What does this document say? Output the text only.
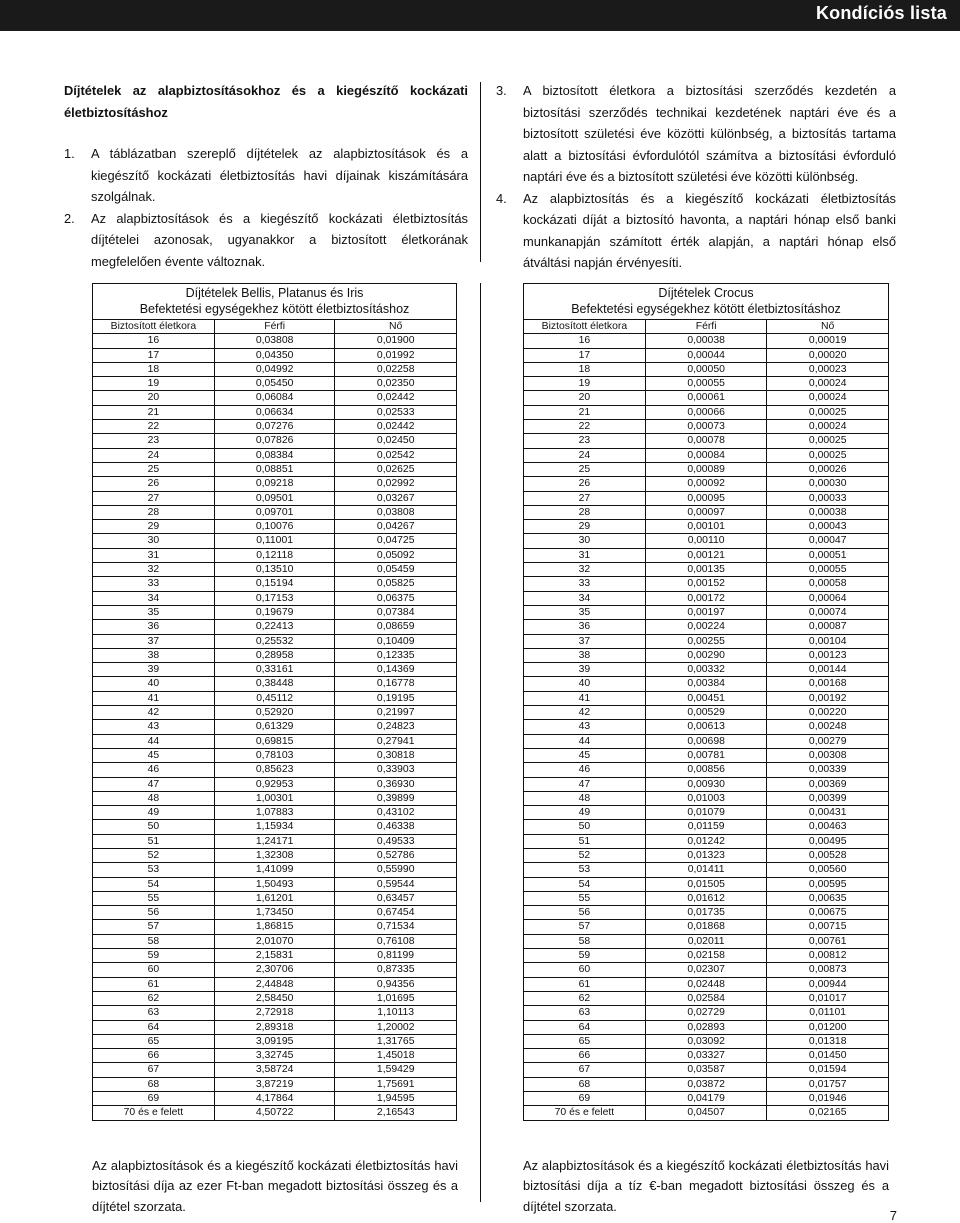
Kondíciós lista

Díjtételek az alapbiztosításokhoz és a kiegészítő kockázati életbiztosításhoz

1. A táblázatban szereplő díjtételek az alapbiztosítások és a kiegészítő kockázati életbiztosítás havi díjainak kiszámítására szolgálnak.
2. Az alapbiztosítások és a kiegészítő kockázati életbiztosítás díjtételei azonosak, ugyanakkor a biztosított életkorának megfelelően évente változnak.
3. A biztosított életkora a biztosítási szerződés kezdetén a biztosítási szerződés technikai kezdetének naptári éve és a biztosított születési éve közötti különbség, a biztosítás tartama alatt a biztosítási évfordulótól számítva a biztosítási évforduló naptári éve és a biztosított születési éve közötti különbség.
4. Az alapbiztosítás és a kiegészítő kockázati életbiztosítás kockázati díját a biztosító havonta, a naptári hónap első banki munkanapján számított érték alapján, a naptári hónap első átváltási napján érvényesíti.
Díjtételek Bellis, Platanus és Iris
Befektetési egységekhez kötött életbiztosításhoz		

Biztosított életkora	Férfi	Nő
16	0,03808	0,01900
17	0,04350	0,01992
18	0,04992	0,02258
19	0,05450	0,02350
20	0,06084	0,02442
21	0,06634	0,02533
22	0,07276	0,02442
23	0,07826	0,02450
24	0,08384	0,02542
25	0,08851	0,02625
26	0,09218	0,02992
27	0,09501	0,03267
28	0,09701	0,03808
29	0,10076	0,04267
30	0,11001	0,04725
31	0,12118	0,05092
32	0,13510	0,05459
33	0,15194	0,05825
34	0,17153	0,06375
35	0,19679	0,07384
36	0,22413	0,08659
37	0,25532	0,10409
38	0,28958	0,12335
39	0,33161	0,14369
40	0,38448	0,16778
41	0,45112	0,19195
42	0,52920	0,21997
43	0,61329	0,24823
44	0,69815	0,27941
45	0,78103	0,30818
46	0,85623	0,33903
47	0,92953	0,36930
48	1,00301	0,39899
49	1,07883	0,43102
50	1,15934	0,46338
51	1,24171	0,49533
52	1,32308	0,52786
53	1,41099	0,55990
54	1,50493	0,59544
55	1,61201	0,63457
56	1,73450	0,67454
57	1,86815	0,71534
58	2,01070	0,76108
59	2,15831	0,81199
60	2,30706	0,87335
61	2,44848	0,94356
62	2,58450	1,01695
63	2,72918	1,10113
64	2,89318	1,20002
65	3,09195	1,31765
66	3,32745	1,45018
67	3,58724	1,59429
68	3,87219	1,75691
69	4,17864	1,94595
70 és e felett	4,50722	2,16543
Díjtételek Crocus
Befektetési egységekhez kötött életbiztosításhoz		

Biztosított életkora	Férfi	Nő
16	0,00038	0,00019
17	0,00044	0,00020
18	0,00050	0,00023
19	0,00055	0,00024
20	0,00061	0,00024
21	0,00066	0,00025
22	0,00073	0,00024
23	0,00078	0,00025
24	0,00084	0,00025
25	0,00089	0,00026
26	0,00092	0,00030
27	0,00095	0,00033
28	0,00097	0,00038
29	0,00101	0,00043
30	0,00110	0,00047
31	0,00121	0,00051
32	0,00135	0,00055
33	0,00152	0,00058
34	0,00172	0,00064
35	0,00197	0,00074
36	0,00224	0,00087
37	0,00255	0,00104
38	0,00290	0,00123
39	0,00332	0,00144
40	0,00384	0,00168
41	0,00451	0,00192
42	0,00529	0,00220
43	0,00613	0,00248
44	0,00698	0,00279
45	0,00781	0,00308
46	0,00856	0,00339
47	0,00930	0,00369
48	0,01003	0,00399
49	0,01079	0,00431
50	0,01159	0,00463
51	0,01242	0,00495
52	0,01323	0,00528
53	0,01411	0,00560
54	0,01505	0,00595
55	0,01612	0,00635
56	0,01735	0,00675
57	0,01868	0,00715
58	0,02011	0,00761
59	0,02158	0,00812
60	0,02307	0,00873
61	0,02448	0,00944
62	0,02584	0,01017
63	0,02729	0,01101
64	0,02893	0,01200
65	0,03092	0,01318
66	0,03327	0,01450
67	0,03587	0,01594
68	0,03872	0,01757
69	0,04179	0,01946
70 és e felett	0,04507	0,02165

Az alapbiztosítások és a kiegészítő kockázati életbiztosítás havi biztosítási díja az ezer Ft-ban megadott biztosítási összeg és a díjtétel szorzata.

Az alapbiztosítások és a kiegészítő kockázati életbiztosítás havi biztosítási díja a tíz €-ban megadott biztosítási összeg és a díjtétel szorzata.

7
